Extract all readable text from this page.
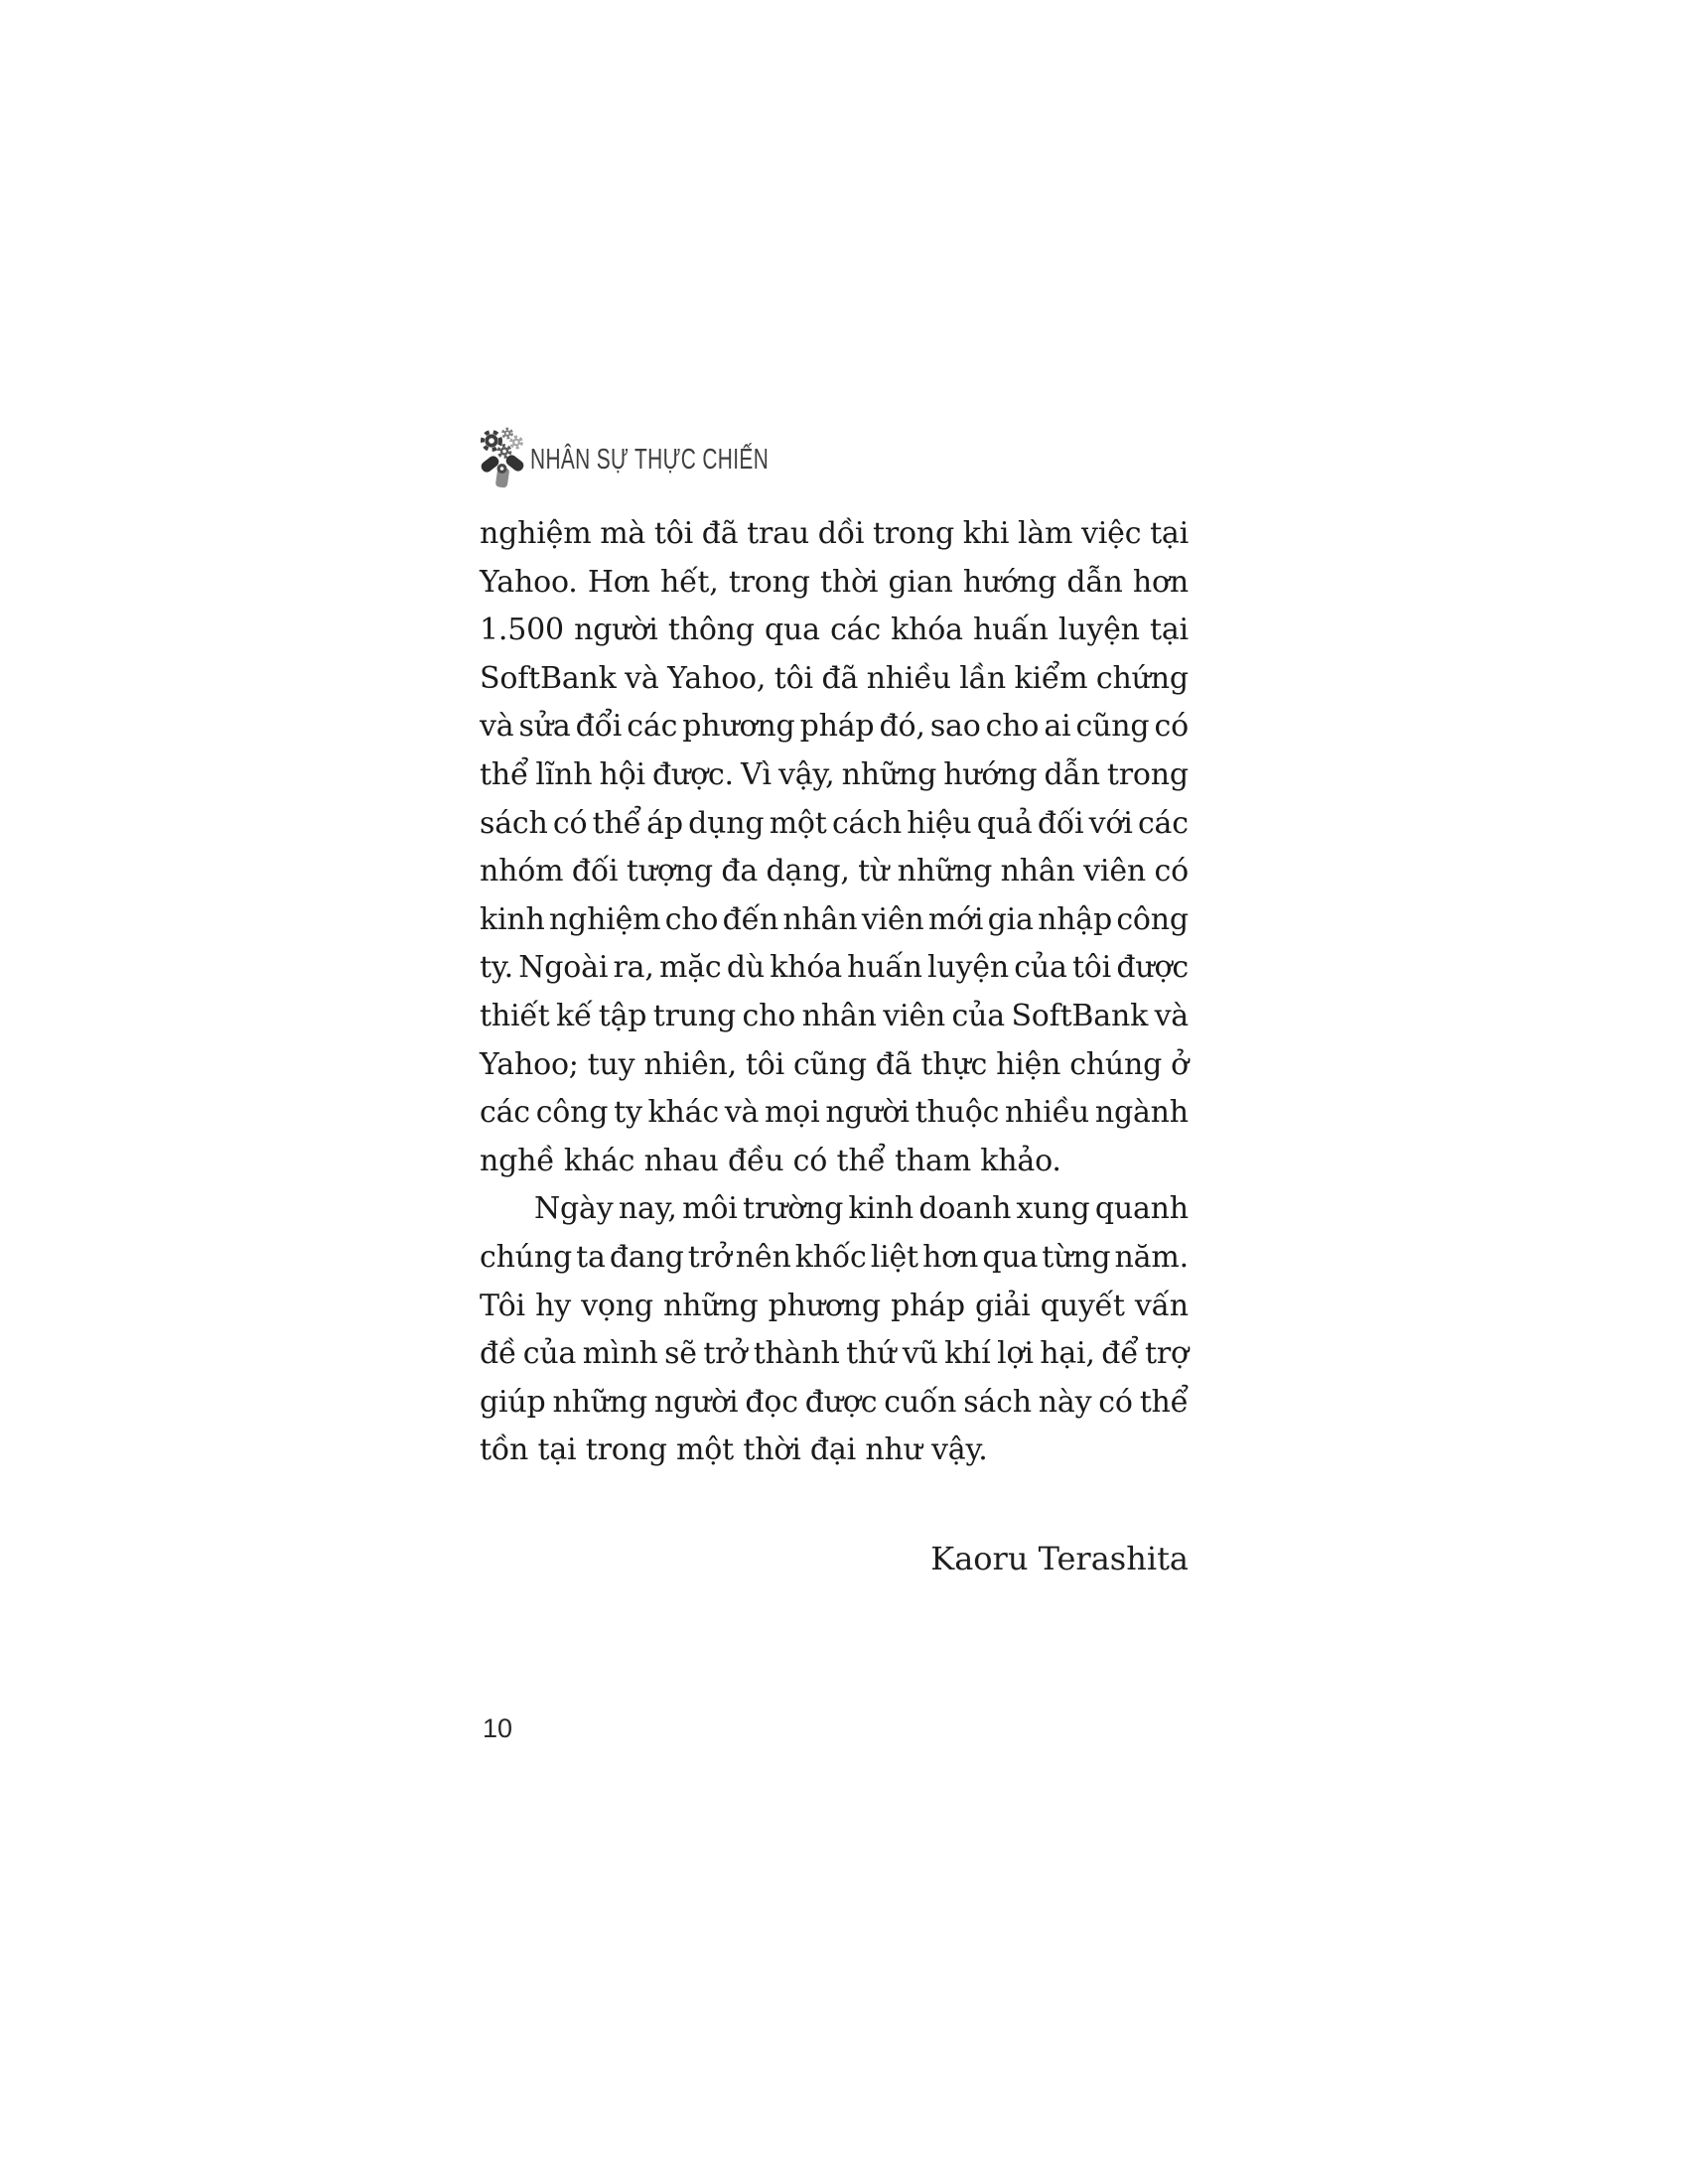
NHÂN SỰ THỰC CHIẾN
nghiệm mà tôi đã trau dồi trong khi làm việc tại
Yahoo. Hơn hết, trong thời gian hướng dẫn hơn
1.500 người thông qua các khóa huấn luyện tại
SoftBank và Yahoo, tôi đã nhiều lần kiểm chứng
và sửa đổi các phương pháp đó, sao cho ai cũng có
thể lĩnh hội được. Vì vậy, những hướng dẫn trong
sách có thể áp dụng một cách hiệu quả đối với các
nhóm đối tượng đa dạng, từ những nhân viên có
kinh nghiệm cho đến nhân viên mới gia nhập công
ty. Ngoài ra, mặc dù khóa huấn luyện của tôi được
thiết kế tập trung cho nhân viên của SoftBank và
Yahoo; tuy nhiên, tôi cũng đã thực hiện chúng ở
các công ty khác và mọi người thuộc nhiều ngành
nghề khác nhau đều có thể tham khảo.
Ngày nay, môi trường kinh doanh xung quanh
chúng ta đang trở nên khốc liệt hơn qua từng năm.
Tôi hy vọng những phương pháp giải quyết vấn
đề của mình sẽ trở thành thứ vũ khí lợi hại, để trợ
giúp những người đọc được cuốn sách này có thể
tồn tại trong một thời đại như vậy.
Kaoru Terashita
10
